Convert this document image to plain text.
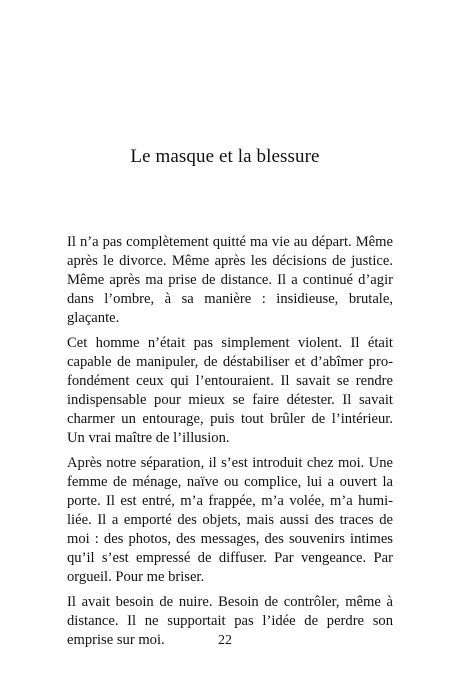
Le masque et la blessure

Il n’a pas complètement quitté ma vie au départ. Même
après le divorce. Même après les décisions de justice.
Même après ma prise de distance. Il a continué d’agir
dans l’ombre, à sa manière : insidieuse, brutale,
glaçante.

Cet homme n’était pas simplement violent. Il était
capable de manipuler, de déstabiliser et d’abîmer pro-
fondément ceux qui l’entouraient. Il savait se rendre
indispensable pour mieux se faire détester. Il savait
charmer un entourage, puis tout brûler de l’intérieur.
Un vrai maître de l’illusion.

Après notre séparation, il s’est introduit chez moi. Une
femme de ménage, naïve ou complice, lui a ouvert la
porte. Il est entré, m’a frappée, m’a volée, m’a humi-
liée. Il a emporté des objets, mais aussi des traces de
moi : des photos, des messages, des souvenirs intimes
qu’il s’est empressé de diffuser. Par vengeance. Par
orgueil. Pour me briser.

Il avait besoin de nuire. Besoin de contrôler, même à
distance. Il ne supportait pas l’idée de perdre son
emprise sur moi.	22
